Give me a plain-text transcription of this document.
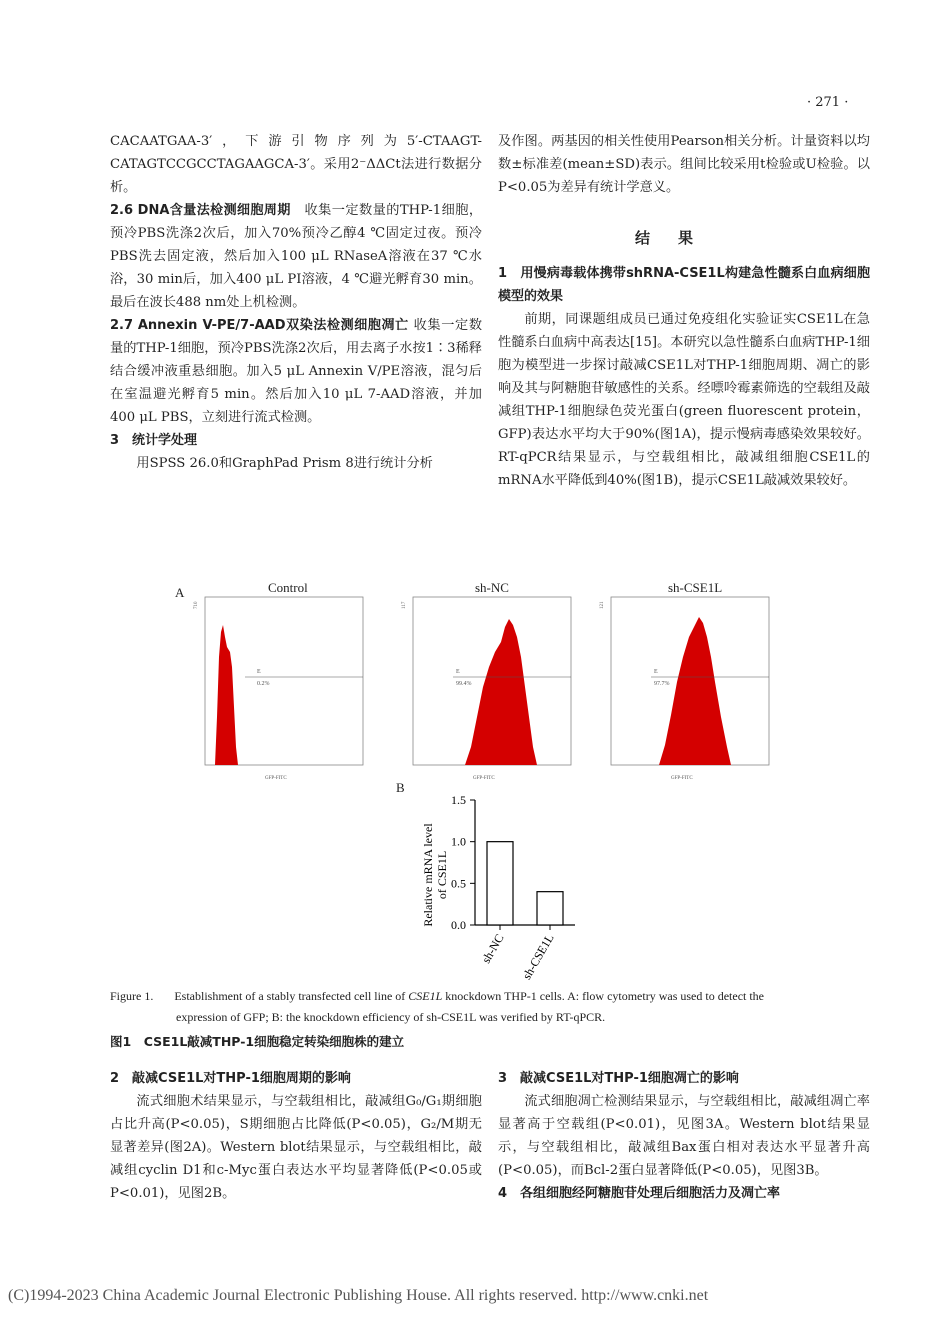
· 271 ·

CACAATGAA-3′，下游引物序列为5′-CTAAGT-CATAGTCCGCCTAGAAGCA-3′。采用2⁻ΔΔCt法进行数据分析。

2.6 DNA含量法检测细胞周期　 收集一定数量的THP-1细胞，预冷PBS洗涤2次后，加入70%预冷乙醇4 ℃固定过夜。预冷PBS洗去固定液，然后加入100 μL RNaseA溶液在37 ℃水浴，30 min后，加入400 μL PI溶液，4 ℃避光孵育30 min。最后在波长488 nm处上机检测。

2.7 Annexin V-PE/7-AAD双染法检测细胞凋亡 收集一定数量的THP-1细胞，预冷PBS洗涤2次后，用去离子水按1∶3稀释结合缓冲液重悬细胞。加入5 μL Annexin V/PE溶液，混匀后在室温避光孵育5 min。然后加入10 μL 7-AAD溶液，并加400 μL PBS，立刻进行流式检测。

3　统计学处理

用SPSS 26.0和GraphPad Prism 8进行统计分析

及作图。两基因的相关性使用Pearson相关分析。计量资料以均数±标准差(mean±SD)表示。组间比较采用t检验或U检验。以P<0.05为差异有统计学意义。

结果

1　用慢病毒载体携带shRNA-CSE1L构建急性髓系白血病细胞模型的效果

前期，同课题组成员已通过免疫组化实验证实CSE1L在急性髓系白血病中高表达[15]。本研究以急性髓系白血病THP-1细胞为模型进一步探讨敲减CSE1L对THP-1细胞周期、凋亡的影响及其与阿糖胞苷敏感性的关系。经嘌呤霉素筛选的空载组及敲减组THP-1细胞绿色荧光蛋白(green fluorescent protein，GFP)表达水平均大于90%(图1A)，提示慢病毒感染效果较好。RT-qPCR结果显示，与空载组相比，敲减组细胞CSE1L的mRNA水平降低到40%(图1B)，提示CSE1L敲减效果较好。

A	Control	sh-NC	sh-CSE1L
E
0.2%
710
GFP-FITC
E
99.4%
117
GFP-FITC
E
97.7%
121
GFP-FITC
B
Relative mRNA level of CSE1L
0.0
0.5
1.0
1.5
sh-NC sh-CSE1L
Figure 1. Establishment of a stably transfected cell line of CSE1L knockdown THP-1 cells. A: flow cytometry was used to detect the
expression of GFP; B: the knockdown efficiency of sh-CSE1L was verified by RT-qPCR.
图1　CSE1L敲减THP-1细胞稳定转染细胞株的建立

2　敲减CSE1L对THP-1细胞周期的影响

流式细胞术结果显示，与空载组相比，敲减组G₀/G₁期细胞占比升高(P<0.05)，S期细胞占比降低(P<0.05)，G₂/M期无显著差异(图2A)。Western blot结果显示，与空载组相比，敲减组cyclin D1和c-Myc蛋白表达水平均显著降低(P<0.05或P<0.01)，见图2B。

3　敲减CSE1L对THP-1细胞凋亡的影响

流式细胞凋亡检测结果显示，与空载组相比，敲减组凋亡率显著高于空载组(P<0.01)，见图3A。Western blot结果显示，与空载组相比，敲减组Bax蛋白相对表达水平显著升高(P<0.05)，而Bcl-2蛋白显著降低(P<0.05)，见图3B。

4　各组细胞经阿糖胞苷处理后细胞活力及凋亡率

(C)1994-2023 China Academic Journal Electronic Publishing House. All rights reserved. http://www.cnki.net
